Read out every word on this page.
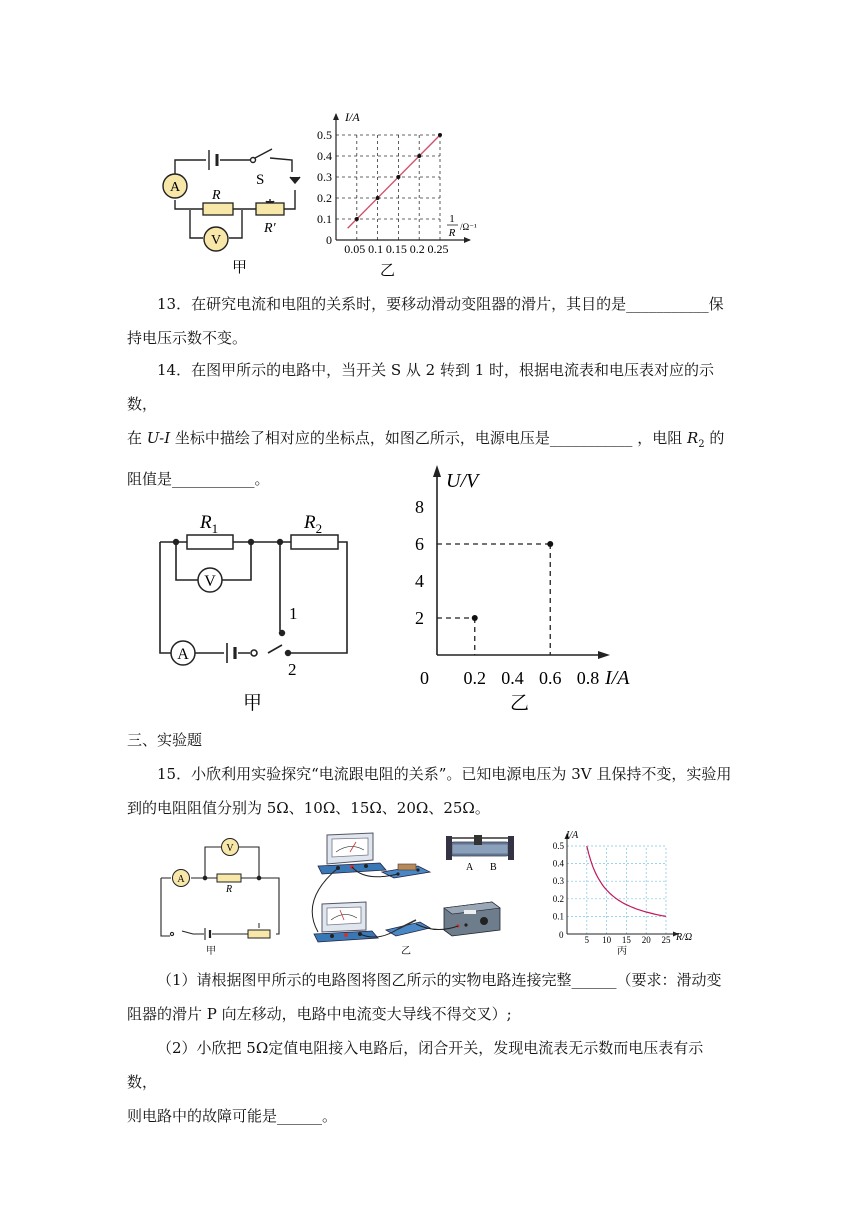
A
V
R
R′
S
甲
0.1
0.2
0.3
0.4
0.5
0.05 0.1 0.15 0.2 0.25
I/A
0
1
R /Ω⁻¹
乙
13．在研究电流和电阻的关系时，要移动滑动变阻器的滑片，其目的是___________保
持电压示数不变。
14．在图甲所示的电路中，当开关 S 从 2 转到 1 时，根据电流表和电压表对应的示数，
在 U-I 坐标中描绘了相对应的坐标点，如图乙所示，电源电压是___________ ，电阻 $R_2$ 的
阻值是___________。
V
A
$R_1$	$R_2$
1
2
甲
2
4
6
8
0.2 0.4 0.6 0.8
U/V
0	I/A
乙
三、实验题
15．小欣利用实验探究“电流跟电阻的关系”。已知电源电压为 3V 且保持不变，实验用
到的电阻阻值分别为 5Ω、10Ω、15Ω、20Ω、25Ω。
A
V
R
甲
A B
乙
0.1
0.2
0.3
0.4
0.5
5 10 15 20 25
I/A
0	R/Ω
丙
（1）请根据图甲所示的电路图将图乙所示的实物电路连接完整______（要求：滑动变
阻器的滑片 P 向左移动，电路中电流变大导线不得交叉）;
（2）小欣把 5Ω定值电阻接入电路后，闭合开关，发现电流表无示数而电压表有示数，
则电路中的故障可能是______。
